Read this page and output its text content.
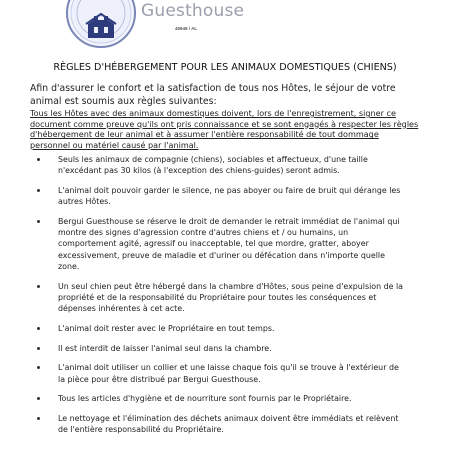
Guesthouse
45949 / AL
RÈGLES D'HÉBERGEMENT POUR LES ANIMAUX DOMESTIQUES (CHIENS)
Afin d'assurer le confort et la satisfaction de tous nos Hôtes, le séjour de votre
animal est soumis aux règles suivantes:
Tous les Hôtes avec des animaux domestiques doivent, lors de l'enregistrement, signer ce
document comme preuve qu'ils ont pris connaissance et se sont engagés à respecter les règles
d'hébergement de leur animal et à assumer l'entière responsabilité de tout dommage
personnel ou matériel causé par l'animal.
Seuls les animaux de compagnie (chiens), sociables et affectueux, d'une taille
n'excédant pas 30 kilos (à l'exception des chiens-guides) seront admis.
L'animal doit pouvoir garder le silence, ne pas aboyer ou faire de bruit qui dérange les
autres Hôtes.
Bergui Guesthouse se réserve le droit de demander le retrait immédiat de l'animal qui
montre des signes d'agression contre d'autres chiens et / ou humains, un
comportement agité, agressif ou inacceptable, tel que mordre, gratter, aboyer
excessivement, preuve de maladie et d'uriner ou défécation dans n'importe quelle
zone.
Un seul chien peut être hébergé dans la chambre d'Hôtes, sous peine d'expulsion de la
propriété et de la responsabilité du Propriétaire pour toutes les conséquences et
dépenses inhérentes à cet acte.
L'animal doit rester avec le Propriétaire en tout temps.
Il est interdit de laisser l'animal seul dans la chambre.
L'animal doit utiliser un collier et une laisse chaque fois qu'il se trouve à l'extérieur de
la pièce pour être distribué par Bergui Guesthouse.
Tous les articles d'hygiène et de nourriture sont fournis par le Propriétaire.
Le nettoyage et l'élimination des déchets animaux doivent être immédiats et relèvent
de l'entière responsabilité du Propriétaire.
